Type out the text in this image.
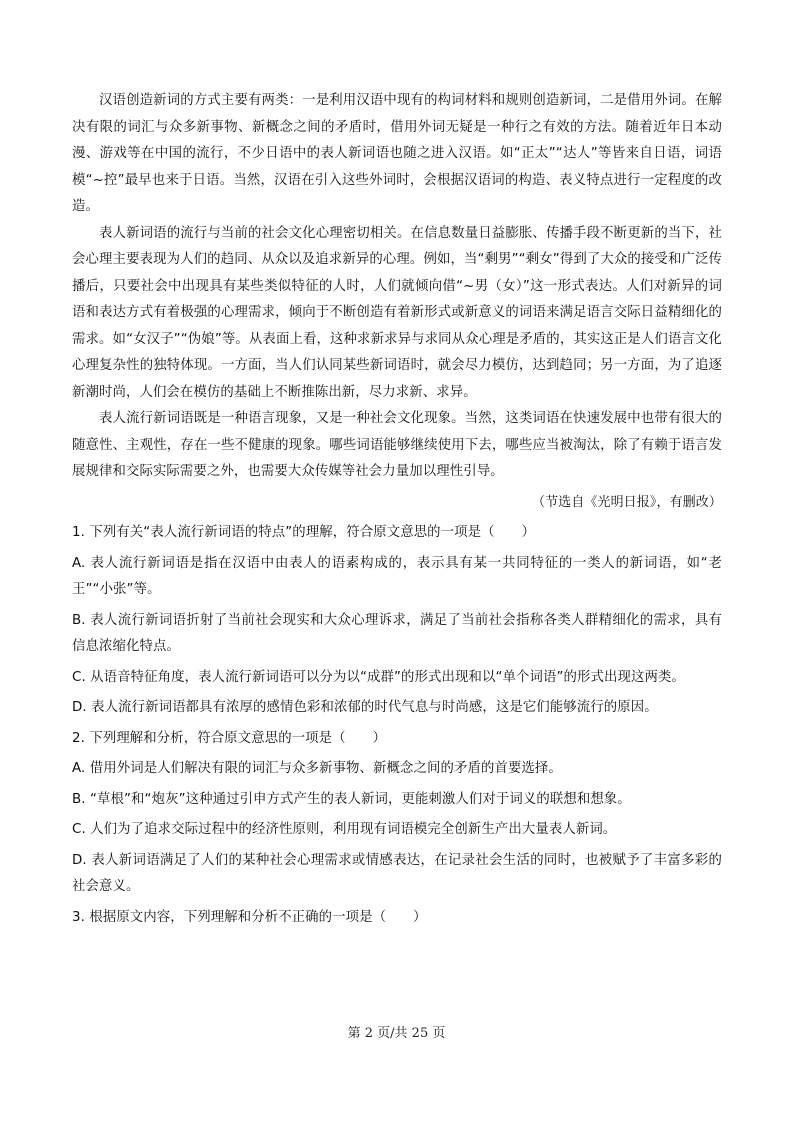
汉语创造新词的方式主要有两类：一是利用汉语中现有的构词材料和规则创造新词，二是借用外词。在解决有限的词汇与众多新事物、新概念之间的矛盾时，借用外词无疑是一种行之有效的方法。随着近年日本动漫、游戏等在中国的流行，不少日语中的表人新词语也随之进入汉语。如“正太”“达人”等皆来自日语，词语模“~控”最早也来于日语。当然，汉语在引入这些外词时，会根据汉语词的构造、表义特点进行一定程度的改造。

表人新词语的流行与当前的社会文化心理密切相关。在信息数量日益膨胀、传播手段不断更新的当下，社会心理主要表现为人们的趋同、从众以及追求新异的心理。例如，当“剩男”“剩女”得到了大众的接受和广泛传播后，只要社会中出现具有某些类似特征的人时，人们就倾向借“~男（女）”这一形式表达。人们对新异的词语和表达方式有着极强的心理需求，倾向于不断创造有着新形式或新意义的词语来满足语言交际日益精细化的需求。如“女汉子”“伪娘”等。从表面上看，这种求新求异与求同从众心理是矛盾的，其实这正是人们语言文化心理复杂性的独特体现。一方面，当人们认同某些新词语时，就会尽力模仿，达到趋同；另一方面，为了追逐新潮时尚，人们会在模仿的基础上不断推陈出新，尽力求新、求异。

表人流行新词语既是一种语言现象，又是一种社会文化现象。当然，这类词语在快速发展中也带有很大的随意性、主观性，存在一些不健康的现象。哪些词语能够继续使用下去，哪些应当被淘汰，除了有赖于语言发展规律和交际实际需要之外，也需要大众传媒等社会力量加以理性引导。

（节选自《光明日报》，有删改）

1. 下列有关“表人流行新词语的特点”的理解，符合原文意思的一项是（　　）

A. 表人流行新词语是指在汉语中由表人的语素构成的，表示具有某一共同特征的一类人的新词语，如“老王”“小张”等。

B. 表人流行新词语折射了当前社会现实和大众心理诉求，满足了当前社会指称各类人群精细化的需求，具有信息浓缩化特点。

C. 从语音特征角度，表人流行新词语可以分为以“成群”的形式出现和以“单个词语”的形式出现这两类。

D. 表人流行新词语都具有浓厚的感情色彩和浓郁的时代气息与时尚感，这是它们能够流行的原因。

2. 下列理解和分析，符合原文意思的一项是（　　）

A. 借用外词是人们解决有限的词汇与众多新事物、新概念之间的矛盾的首要选择。

B. “草根”和“炮灰”这种通过引申方式产生的表人新词，更能刺激人们对于词义的联想和想象。

C. 人们为了追求交际过程中的经济性原则，利用现有词语模完全创新生产出大量表人新词。

D. 表人新词语满足了人们的某种社会心理需求或情感表达，在记录社会生活的同时，也被赋予了丰富多彩的社会意义。

3. 根据原文内容，下列理解和分析不正确的一项是（　　）

第 2 页/共 25 页
